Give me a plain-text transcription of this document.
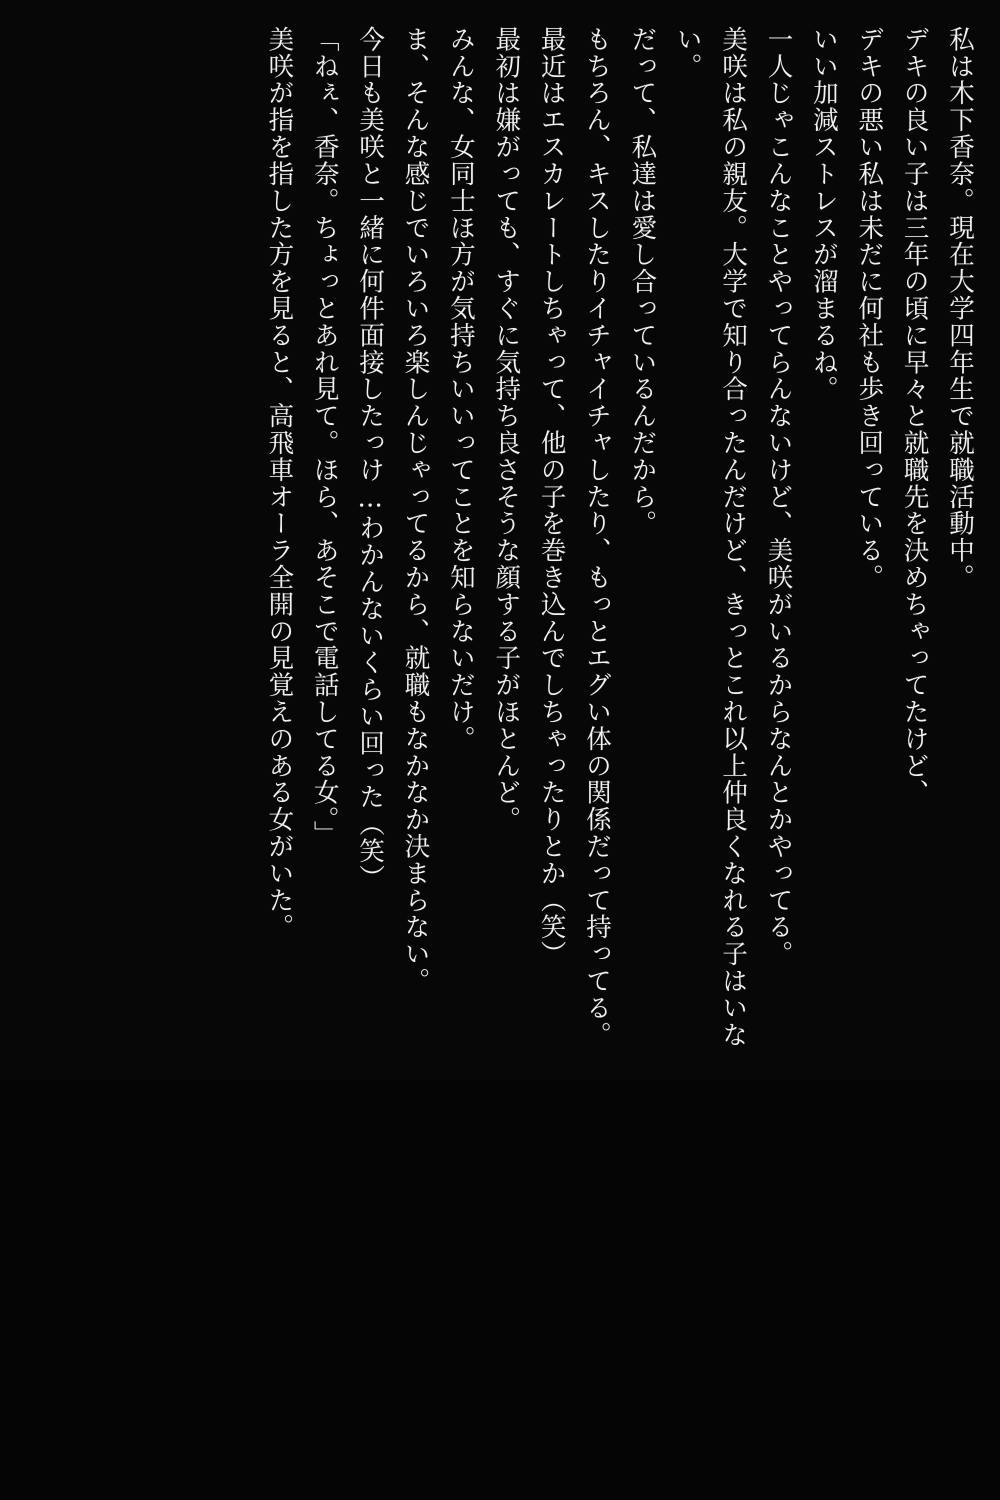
私は木下香奈。現在大学四年生で就職活動中。

デキの良い子は三年の頃に早々と就職先を決めちゃってたけど、

デキの悪い私は未だに何社も歩き回っている。

いい加減ストレスが溜まるね。

一人じゃこんなことやってらんないけど、美咲がいるからなんとかやってる。

美咲は私の親友。大学で知り合ったんだけど、きっとこれ以上仲良くなれる子はいない。

だって、私達は愛し合っているんだから。

もちろん、キスしたりイチャイチャしたり、もっとエグい体の関係だって持ってる。

最近はエスカレートしちゃって、他の子を巻き込んでしちゃったりとか（笑）

最初は嫌がっても、すぐに気持ち良さそうな顔する子がほとんど。

みんな、女同士ほ方が気持ちいいってことを知らないだけ。

ま、そんな感じでいろいろ楽しんじゃってるから、就職もなかなか決まらない。

今日も美咲と一緒に何件面接したっけ…わかんないくらい回った（笑）

「ねぇ、香奈。ちょっとあれ見て。ほら、あそこで電話してる女。」

美咲が指を指した方を見ると、高飛車オーラ全開の見覚えのある女がいた。
